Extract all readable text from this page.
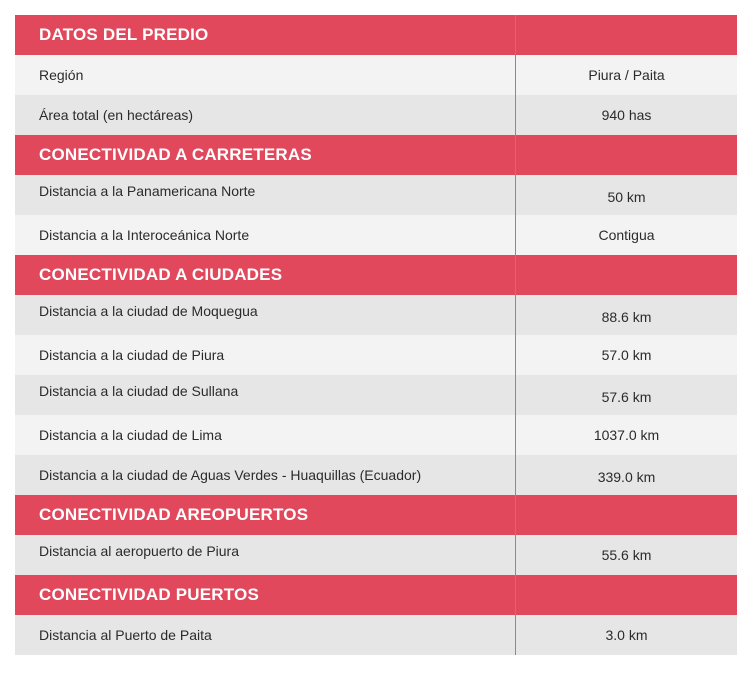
DATOS DEL PREDIO
Región	Piura / Paita
Área total (en hectáreas)	940 has
CONECTIVIDAD A CARRETERAS
Distancia a la Panamericana Norte	50 km
Distancia a la Interoceánica Norte	Contigua
CONECTIVIDAD A CIUDADES
Distancia a la ciudad de Moquegua	88.6 km
Distancia a la ciudad de Piura	57.0 km
Distancia a la ciudad de Sullana	57.6 km
Distancia a la ciudad de Lima	1037.0 km
Distancia a la ciudad de Aguas Verdes - Huaquillas (Ecuador)	339.0 km
CONECTIVIDAD AREOPUERTOS
Distancia al aeropuerto de Piura	55.6 km
CONECTIVIDAD PUERTOS
Distancia al Puerto de Paita	3.0 km
